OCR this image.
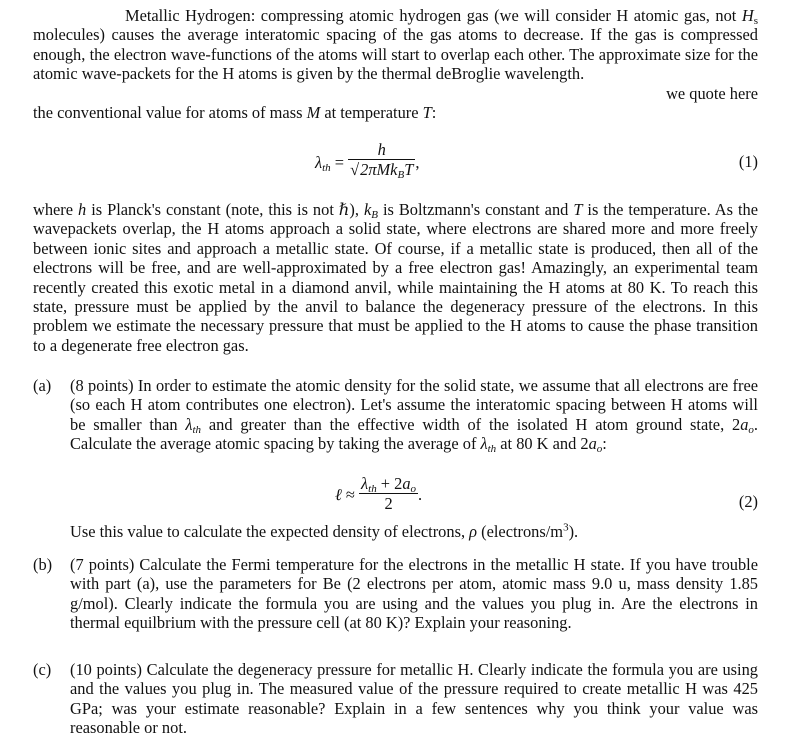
Metallic Hydrogen: compressing atomic hydrogen gas (we will consider H atomic gas, not $H_s$ molecules) causes the average interatomic spacing of the gas atoms to decrease. If the gas is compressed enough, the electron wave-functions of the atoms will start to overlap each other. The approximate size for the atomic wave-packets for the H atoms is given by the thermal deBroglie wavelength.
we quote here
the conventional value for atoms of mass M at temperature T:
$\lambda_{th} = \frac{h}{√2\pi Mk_BT}$ ,	(1)
where h is Planck's constant (note, this is not ℏ), $k_B$ is Boltzmann's constant and T is the temperature. As the wavepackets overlap, the H atoms approach a solid state, where electrons are shared more and more freely between ionic sites and approach a metallic state. Of course, if a metallic state is produced, then all of the electrons will be free, and are well-approximated by a free electron gas! Amazingly, an experimental team recently created this exotic metal in a diamond anvil, while maintaining the H atoms at 80 K. To reach this state, pressure must be applied by the anvil to balance the degeneracy pressure of the electrons. In this problem we estimate the necessary pressure that must be applied to the H atoms to cause the phase transition to a degenerate free electron gas.
(a) (8 points) In order to estimate the atomic density for the solid state, we assume that all electrons are free (so each H atom contributes one electron). Let's assume the interatomic spacing between H atoms will be smaller than $\lambda_{th}$ and greater than the effective width of the isolated H atom ground state, $2a_o$. Calculate the average atomic spacing by taking the average of $\lambda_{th}$ at 80 K and $2a_o$:
ℓ ≈ $\frac{\lambda_{th} + 2a_o}{2}$ .	(2)
Use this value to calculate the expected density of electrons, ρ $(electrons/m^3)$.
(b) (7 points) Calculate the Fermi temperature for the electrons in the metallic H state. If you have trouble with part (a), use the parameters for Be (2 electrons per atom, atomic mass 9.0 u, mass density 1.85 g/mol). Clearly indicate the formula you are using and the values you plug in. Are the electrons in thermal equilbrium with the pressure cell (at 80 K)? Explain your reasoning.
(c) (10 points) Calculate the degeneracy pressure for metallic H. Clearly indicate the formula you are using and the values you plug in. The measured value of the pressure required to create metallic H was 425 GPa; was your estimate reasonable? Explain in a few sentences why you think your value was reasonable or not.
